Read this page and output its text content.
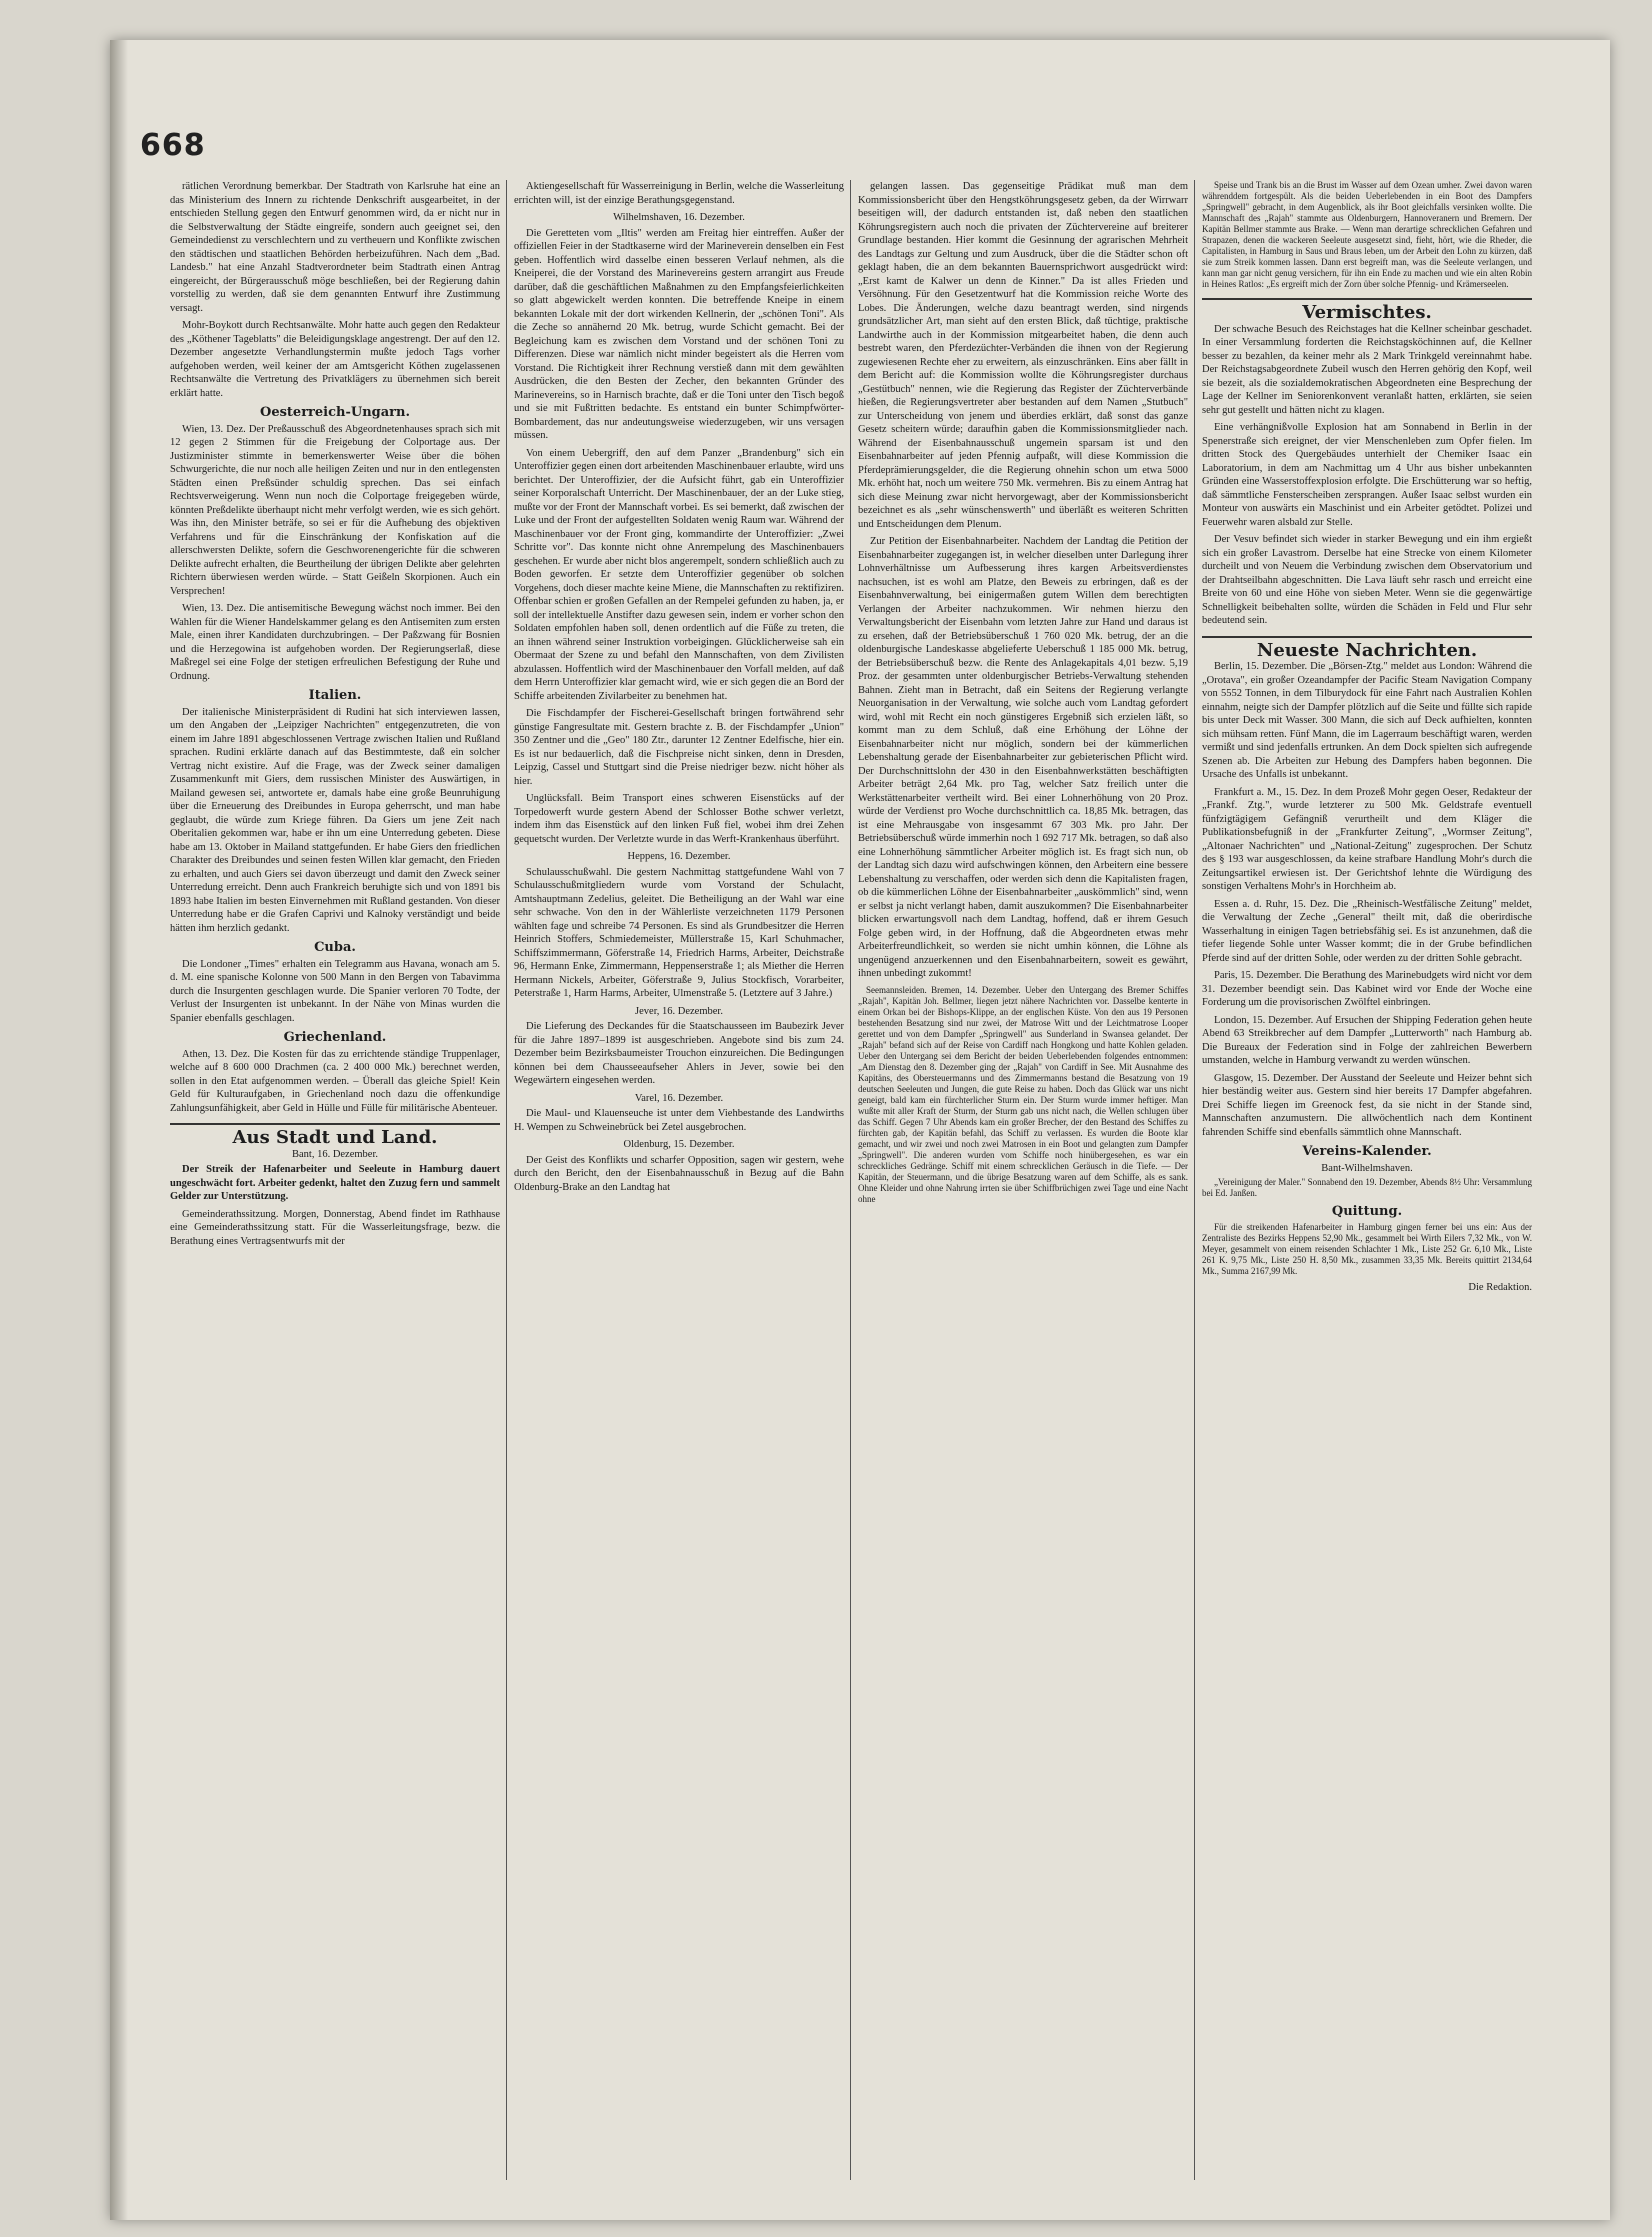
668

rätlichen Verordnung bemerkbar. Der Stadtrath von Karlsruhe hat eine an das Ministerium des Innern zu richtende Denkschrift ausgearbeitet, in der entschieden Stellung gegen den Entwurf genommen wird, da er nicht nur in die Selbstverwaltung der Städte eingreife, sondern auch geeignet sei, den Gemeindedienst zu verschlechtern und zu vertheuern und Konflikte zwischen den städtischen und staatlichen Behörden herbeizuführen. Nach dem „Bad. Landesb." hat eine Anzahl Stadtverordneter beim Stadtrath einen Antrag eingereicht, der Bürgerausschuß möge beschließen, bei der Regierung dahin vorstellig zu werden, daß sie dem genannten Entwurf ihre Zustimmung versagt.

Mohr-Boykott durch Rechtsanwälte. Mohr hatte auch gegen den Redakteur des „Köthener Tageblatts" die Beleidigungsklage angestrengt. Der auf den 12. Dezember angesetzte Verhandlungstermin mußte jedoch Tags vorher aufgehoben werden, weil keiner der am Amtsgericht Köthen zugelassenen Rechtsanwälte die Vertretung des Privatklägers zu übernehmen sich bereit erklärt hatte.

Oesterreich-Ungarn.

Wien, 13. Dez. Der Preßausschuß des Abgeordnetenhauses sprach sich mit 12 gegen 2 Stimmen für die Freigebung der Colportage aus. Der Justizminister stimmte in bemerkenswerter Weise über die böhen Schwurgerichte, die nur noch alle heiligen Zeiten und nur in den entlegensten Städten einen Preßsünder schuldig sprechen. Das sei einfach Rechtsverweigerung. Wenn nun noch die Colportage freigegeben würde, könnten Preßdelikte überhaupt nicht mehr verfolgt werden, wie es sich gehört. Was ihn, den Minister beträfe, so sei er für die Aufhebung des objektiven Verfahrens und für die Einschränkung der Konfiskation auf die allerschwersten Delikte, sofern die Geschworenengerichte für die schweren Delikte aufrecht erhalten, die Beurtheilung der übrigen Delikte aber gelehrten Richtern überwiesen werden würde. – Statt Geißeln Skorpionen. Auch ein Versprechen!

Wien, 13. Dez. Die antisemitische Bewegung wächst noch immer. Bei den Wahlen für die Wiener Handelskammer gelang es den Antisemiten zum ersten Male, einen ihrer Kandidaten durchzubringen. – Der Paßzwang für Bosnien und die Herzegowina ist aufgehoben worden. Der Regierungserlaß, diese Maßregel sei eine Folge der stetigen erfreulichen Befestigung der Ruhe und Ordnung.

Italien.

Der italienische Ministerpräsident di Rudini hat sich interviewen lassen, um den Angaben der „Leipziger Nachrichten" entgegenzutreten, die von einem im Jahre 1891 abgeschlossenen Vertrage zwischen Italien und Rußland sprachen. Rudini erklärte danach auf das Bestimmteste, daß ein solcher Vertrag nicht existire. Auf die Frage, was der Zweck seiner damaligen Zusammenkunft mit Giers, dem russischen Minister des Auswärtigen, in Mailand gewesen sei, antwortete er, damals habe eine große Beunruhigung über die Erneuerung des Dreibundes in Europa geherrscht, und man habe geglaubt, die würde zum Kriege führen. Da Giers um jene Zeit nach Oberitalien gekommen war, habe er ihn um eine Unterredung gebeten. Diese habe am 13. Oktober in Mailand stattgefunden. Er habe Giers den friedlichen Charakter des Dreibundes und seinen festen Willen klar gemacht, den Frieden zu erhalten, und auch Giers sei davon überzeugt und damit den Zweck seiner Unterredung erreicht. Denn auch Frankreich beruhigte sich und von 1891 bis 1893 habe Italien im besten Einvernehmen mit Rußland gestanden. Von dieser Unterredung habe er die Grafen Caprivi und Kalnoky verständigt und beide hätten ihm herzlich gedankt.

Cuba.

Die Londoner „Times" erhalten ein Telegramm aus Havana, wonach am 5. d. M. eine spanische Kolonne von 500 Mann in den Bergen von Tabavimma durch die Insurgenten geschlagen wurde. Die Spanier verloren 70 Todte, der Verlust der Insurgenten ist unbekannt. In der Nähe von Minas wurden die Spanier ebenfalls geschlagen.

Griechenland.

Athen, 13. Dez. Die Kosten für das zu errichtende ständige Truppenlager, welche auf 8 600 000 Drachmen (ca. 2 400 000 Mk.) berechnet werden, sollen in den Etat aufgenommen werden. – Überall das gleiche Spiel! Kein Geld für Kulturaufgaben, in Griechenland noch dazu die offenkundige Zahlungsunfähigkeit, aber Geld in Hülle und Fülle für militärische Abenteuer.

Aus Stadt und Land.
Bant, 16. Dezember.

Der Streik der Hafenarbeiter und Seeleute in Hamburg dauert ungeschwächt fort. Arbeiter gedenkt, haltet den Zuzug fern und sammelt Gelder zur Unterstützung.

Gemeinderathssitzung. Morgen, Donnerstag, Abend findet im Rathhause eine Gemeinderathssitzung statt. Für die Wasserleitungsfrage, bezw. die Berathung eines Vertragsentwurfs mit der

Aktiengesellschaft für Wasserreinigung in Berlin, welche die Wasserleitung errichten will, ist der einzige Berathungsgegenstand.

Wilhelmshaven, 16. Dezember.

Die Geretteten vom „Iltis" werden am Freitag hier eintreffen. Außer der offiziellen Feier in der Stadtkaserne wird der Marineverein denselben ein Fest geben. Hoffentlich wird dasselbe einen besseren Verlauf nehmen, als die Kneiperei, die der Vorstand des Marinevereins gestern arrangirt aus Freude darüber, daß die geschäftlichen Maßnahmen zu den Empfangsfeierlichkeiten so glatt abgewickelt werden konnten. Die betreffende Kneipe in einem bekannten Lokale mit der dort wirkenden Kellnerin, der „schönen Toni". Als die Zeche so annähernd 20 Mk. betrug, wurde Schicht gemacht. Bei der Begleichung kam es zwischen dem Vorstand und der schönen Toni zu Differenzen. Diese war nämlich nicht minder begeistert als die Herren vom Vorstand. Die Richtigkeit ihrer Rechnung verstieß dann mit dem gewählten Ausdrücken, die den Besten der Zecher, den bekannten Gründer des Marinevereins, so in Harnisch brachte, daß er die Toni unter den Tisch begoß und sie mit Fußtritten bedachte. Es entstand ein bunter Schimpfwörter-Bombardement, das nur andeutungsweise wiederzugeben, wir uns versagen müssen.

Von einem Uebergriff, den auf dem Panzer „Brandenburg" sich ein Unteroffizier gegen einen dort arbeitenden Maschinenbauer erlaubte, wird uns berichtet. Der Unteroffizier, der die Aufsicht führt, gab ein Unteroffizier seiner Korporalschaft Unterricht. Der Maschinenbauer, der an der Luke stieg, mußte vor der Front der Mannschaft vorbei. Es sei bemerkt, daß zwischen der Luke und der Front der aufgestellten Soldaten wenig Raum war. Während der Maschinenbauer vor der Front ging, kommandirte der Unteroffizier: „Zwei Schritte vor". Das konnte nicht ohne Anrempelung des Maschinenbauers geschehen. Er wurde aber nicht blos angerempelt, sondern schließlich auch zu Boden geworfen. Er setzte dem Unteroffizier gegenüber ob solchen Vorgehens, doch dieser machte keine Miene, die Mannschaften zu rektifiziren. Offenbar schien er großen Gefallen an der Rempelei gefunden zu haben, ja, er soll der intellektuelle Anstifter dazu gewesen sein, indem er vorher schon den Soldaten empfohlen haben soll, denen ordentlich auf die Füße zu treten, die an ihnen während seiner Instruktion vorbeigingen. Glücklicherweise sah ein Obermaat der Szene zu und befahl den Mannschaften, von dem Zivilisten abzulassen. Hoffentlich wird der Maschinenbauer den Vorfall melden, auf daß dem Herrn Unteroffizier klar gemacht wird, wie er sich gegen die an Bord der Schiffe arbeitenden Zivilarbeiter zu benehmen hat.

Die Fischdampfer der Fischerei-Gesellschaft bringen fortwährend sehr günstige Fangresultate mit. Gestern brachte z. B. der Fischdampfer „Union" 350 Zentner und die „Geo" 180 Ztr., darunter 12 Zentner Edelfische, hier ein. Es ist nur bedauerlich, daß die Fischpreise nicht sinken, denn in Dresden, Leipzig, Cassel und Stuttgart sind die Preise niedriger bezw. nicht höher als hier.

Unglücksfall. Beim Transport eines schweren Eisenstücks auf der Torpedowerft wurde gestern Abend der Schlosser Bothe schwer verletzt, indem ihm das Eisenstück auf den linken Fuß fiel, wobei ihm drei Zehen gequetscht wurden. Der Verletzte wurde in das Werft-Krankenhaus überführt.

Heppens, 16. Dezember.

Schulausschußwahl. Die gestern Nachmittag stattgefundene Wahl von 7 Schulausschußmitgliedern wurde vom Vorstand der Schulacht, Amtshauptmann Zedelius, geleitet. Die Betheiligung an der Wahl war eine sehr schwache. Von den in der Wählerliste verzeichneten 1179 Personen wählten fage und schreibe 74 Personen. Es sind als Grundbesitzer die Herren Heinrich Stoffers, Schmiedemeister, Müllerstraße 15, Karl Schuhmacher, Schiffszimmermann, Göferstraße 14, Friedrich Harms, Arbeiter, Deichstraße 96, Hermann Enke, Zimmermann, Heppenserstraße 1; als Miether die Herren Hermann Nickels, Arbeiter, Göferstraße 9, Julius Stockfisch, Vorarbeiter, Peterstraße 1, Harm Harms, Arbeiter, Ulmenstraße 5. (Letztere auf 3 Jahre.)

Jever, 16. Dezember.

Die Lieferung des Deckandes für die Staatschausseen im Baubezirk Jever für die Jahre 1897–1899 ist ausgeschrieben. Angebote sind bis zum 24. Dezember beim Bezirksbaumeister Trouchon einzureichen. Die Bedingungen können bei dem Chausseeaufseher Ahlers in Jever, sowie bei den Wegewärtern eingesehen werden.

Varel, 16. Dezember.

Die Maul- und Klauenseuche ist unter dem Viehbestande des Landwirths H. Wempen zu Schweinebrück bei Zetel ausgebrochen.

Oldenburg, 15. Dezember.

Der Geist des Konflikts und scharfer Opposition, sagen wir gestern, wehe durch den Bericht, den der Eisenbahnausschuß in Bezug auf die Bahn Oldenburg-Brake an den Landtag hat

gelangen lassen. Das gegenseitige Prädikat muß man dem Kommissionsbericht über den Hengstköhrungsgesetz geben, da der Wirrwarr beseitigen will, der dadurch entstanden ist, daß neben den staatlichen Köhrungsregistern auch noch die privaten der Züchtervereine auf breiterer Grundlage bestanden. Hier kommt die Gesinnung der agrarischen Mehrheit des Landtags zur Geltung und zum Ausdruck, über die die Städter schon oft geklagt haben, die an dem bekannten Bauernsprichwort ausgedrückt wird: „Erst kamt de Kalwer un denn de Kinner." Da ist alles Frieden und Versöhnung. Für den Gesetzentwurf hat die Kommission reiche Worte des Lobes. Die Änderungen, welche dazu beantragt werden, sind nirgends grundsätzlicher Art, man sieht auf den ersten Blick, daß tüchtige, praktische Landwirthe auch in der Kommission mitgearbeitet haben, die denn auch bestrebt waren, den Pferdezüchter-Verbänden die ihnen von der Regierung zugewiesenen Rechte eher zu erweitern, als einzuschränken. Eins aber fällt in dem Bericht auf: die Kommission wollte die Köhrungsregister durchaus „Gestütbuch" nennen, wie die Regierung das Register der Züchterverbände hießen, die Regierungsvertreter aber bestanden auf dem Namen „Stutbuch" zur Unterscheidung von jenem und überdies erklärt, daß sonst das ganze Gesetz scheitern würde; daraufhin gaben die Kommissionsmitglieder nach. Während der Eisenbahnausschuß ungemein sparsam ist und den Eisenbahnarbeiter auf jeden Pfennig aufpaßt, will diese Kommission die Pferdeprämierungsgelder, die die Regierung ohnehin schon um etwa 5000 Mk. erhöht hat, noch um weitere 750 Mk. vermehren. Bis zu einem Antrag hat sich diese Meinung zwar nicht hervorgewagt, aber der Kommissionsbericht bezeichnet es als „sehr wünschenswerth" und überläßt es weiteren Schritten und Entscheidungen dem Plenum.

Zur Petition der Eisenbahnarbeiter. Nachdem der Landtag die Petition der Eisenbahnarbeiter zugegangen ist, in welcher dieselben unter Darlegung ihrer Lohnverhältnisse um Aufbesserung ihres kargen Arbeitsverdienstes nachsuchen, ist es wohl am Platze, den Beweis zu erbringen, daß es der Eisenbahnverwaltung, bei einigermaßen gutem Willen dem berechtigten Verlangen der Arbeiter nachzukommen. Wir nehmen hierzu den Verwaltungsbericht der Eisenbahn vom letzten Jahre zur Hand und daraus ist zu ersehen, daß der Betriebsüberschuß 1 760 020 Mk. betrug, der an die oldenburgische Landeskasse abgelieferte Ueberschuß 1 185 000 Mk. betrug, der Betriebsüberschuß bezw. die Rente des Anlagekapitals 4,01 bezw. 5,19 Proz. der gesammten unter oldenburgischer Betriebs-Verwaltung stehenden Bahnen. Zieht man in Betracht, daß ein Seitens der Regierung verlangte Neuorganisation in der Verwaltung, wie solche auch vom Landtag gefordert wird, wohl mit Recht ein noch günstigeres Ergebniß sich erzielen läßt, so kommt man zu dem Schluß, daß eine Erhöhung der Löhne der Eisenbahnarbeiter nicht nur möglich, sondern bei der kümmerlichen Lebenshaltung gerade der Eisenbahnarbeiter zur gebieterischen Pflicht wird. Der Durchschnittslohn der 430 in den Eisenbahnwerkstätten beschäftigten Arbeiter beträgt 2,64 Mk. pro Tag, welcher Satz freilich unter die Werkstättenarbeiter vertheilt wird. Bei einer Lohnerhöhung von 20 Proz. würde der Verdienst pro Woche durchschnittlich ca. 18,85 Mk. betragen, das ist eine Mehrausgabe von insgesammt 67 303 Mk. pro Jahr. Der Betriebsüberschuß würde immerhin noch 1 692 717 Mk. betragen, so daß also eine Lohnerhöhung sämmtlicher Arbeiter möglich ist. Es fragt sich nun, ob der Landtag sich dazu wird aufschwingen können, den Arbeitern eine bessere Lebenshaltung zu verschaffen, oder werden sich denn die Kapitalisten fragen, ob die kümmerlichen Löhne der Eisenbahnarbeiter „auskömmlich" sind, wenn er selbst ja nicht verlangt haben, damit auszukommen? Die Eisenbahnarbeiter blicken erwartungsvoll nach dem Landtag, hoffend, daß er ihrem Gesuch Folge geben wird, in der Hoffnung, daß die Abgeordneten etwas mehr Arbeiterfreundlichkeit, so werden sie nicht umhin können, die Löhne als ungenügend anzuerkennen und den Eisenbahnarbeitern, soweit es gewährt, ihnen unbedingt zukommt!

Seemannsleiden. Bremen, 14. Dezember. Ueber den Untergang des Bremer Schiffes „Rajah", Kapitän Joh. Bellmer, liegen jetzt nähere Nachrichten vor. Dasselbe kenterte in einem Orkan bei der Bishops-Klippe, an der englischen Küste. Von den aus 19 Personen bestehenden Besatzung sind nur zwei, der Matrose Witt und der Leichtmatrose Looper gerettet und von dem Dampfer „Springwell" aus Sunderland in Swansea gelandet. Der „Rajah" befand sich auf der Reise von Cardiff nach Hongkong und hatte Kohlen geladen. Ueber den Untergang sei dem Bericht der beiden Ueberlebenden folgendes entnommen: „Am Dienstag den 8. Dezember ging der „Rajah" von Cardiff in See. Mit Ausnahme des Kapitäns, des Obersteuermanns und des Zimmermanns bestand die Besatzung von 19 deutschen Seeleuten und Jungen, die gute Reise zu haben. Doch das Glück war uns nicht geneigt, bald kam ein fürchterlicher Sturm ein. Der Sturm wurde immer heftiger. Man wußte mit aller Kraft der Sturm, der Sturm gab uns nicht nach, die Wellen schlugen über das Schiff. Gegen 7 Uhr Abends kam ein großer Brecher, der den Bestand des Schiffes zu fürchten gab, der Kapitän befahl, das Schiff zu verlassen. Es wurden die Boote klar gemacht, und wir zwei und noch zwei Matrosen in ein Boot und gelangten zum Dampfer „Springwell". Die anderen wurden vom Schiffe noch hinübergesehen, es war ein schreckliches Gedränge. Schiff mit einem schrecklichen Geräusch in die Tiefe. — Der Kapitän, der Steuermann, und die übrige Besatzung waren auf dem Schiffe, als es sank. Ohne Kleider und ohne Nahrung irrten sie über Schiffbrüchigen zwei Tage und eine Nacht ohne

Speise und Trank bis an die Brust im Wasser auf dem Ozean umher. Zwei davon waren währenddem fortgespült. Als die beiden Ueberlebenden in ein Boot des Dampfers „Springwell" gebracht, in dem Augenblick, als ihr Boot gleichfalls versinken wollte. Die Mannschaft des „Rajah" stammte aus Oldenburgern, Hannoveranern und Bremern. Der Kapitän Bellmer stammte aus Brake. — Wenn man derartige schrecklichen Gefahren und Strapazen, denen die wackeren Seeleute ausgesetzt sind, fieht, hört, wie die Rheder, die Capitalisten, in Hamburg in Saus und Braus leben, um der Arbeit den Lohn zu kürzen, daß sie zum Streik kommen lassen. Dann erst begreift man, was die Seeleute verlangen, und kann man gar nicht genug versichern, für ihn ein Ende zu machen und wie ein alten Robin in Heines Ratlos: „Es ergreift mich der Zorn über solche Pfennig- und Krämerseelen.

Vermischtes.

Der schwache Besuch des Reichstages hat die Kellner scheinbar geschadet. In einer Versammlung forderten die Reichstagsköchinnen auf, die Kellner besser zu bezahlen, da keiner mehr als 2 Mark Trinkgeld vereinnahmt habe. Der Reichstagsabgeordnete Zubeil wusch den Herren gehörig den Kopf, weil sie bezeit, als die sozialdemokratischen Abgeordneten eine Besprechung der Lage der Kellner im Seniorenkonvent veranlaßt hatten, erklärten, sie seien sehr gut gestellt und hätten nicht zu klagen.

Eine verhängnißvolle Explosion hat am Sonnabend in Berlin in der Spenerstraße sich ereignet, der vier Menschenleben zum Opfer fielen. Im dritten Stock des Quergebäudes unterhielt der Chemiker Isaac ein Laboratorium, in dem am Nachmittag um 4 Uhr aus bisher unbekannten Gründen eine Wasserstoffexplosion erfolgte. Die Erschütterung war so heftig, daß sämmtliche Fensterscheiben zersprangen. Außer Isaac selbst wurden ein Monteur von auswärts ein Maschinist und ein Arbeiter getödtet. Polizei und Feuerwehr waren alsbald zur Stelle.

Der Vesuv befindet sich wieder in starker Bewegung und ein ihm ergießt sich ein großer Lavastrom. Derselbe hat eine Strecke von einem Kilometer durcheilt und von Neuem die Verbindung zwischen dem Observatorium und der Drahtseilbahn abgeschnitten. Die Lava läuft sehr rasch und erreicht eine Breite von 60 und eine Höhe von sieben Meter. Wenn sie die gegenwärtige Schnelligkeit beibehalten sollte, würden die Schäden in Feld und Flur sehr bedeutend sein.

Neueste Nachrichten.

Berlin, 15. Dezember. Die „Börsen-Ztg." meldet aus London: Während die „Orotava", ein großer Ozeandampfer der Pacific Steam Navigation Company von 5552 Tonnen, in dem Tilburydock für eine Fahrt nach Australien Kohlen einnahm, neigte sich der Dampfer plötzlich auf die Seite und füllte sich rapide bis unter Deck mit Wasser. 300 Mann, die sich auf Deck aufhielten, konnten sich mühsam retten. Fünf Mann, die im Lagerraum beschäftigt waren, werden vermißt und sind jedenfalls ertrunken. An dem Dock spielten sich aufregende Szenen ab. Die Arbeiten zur Hebung des Dampfers haben begonnen. Die Ursache des Unfalls ist unbekannt.

Frankfurt a. M., 15. Dez. In dem Prozeß Mohr gegen Oeser, Redakteur der „Frankf. Ztg.", wurde letzterer zu 500 Mk. Geldstrafe eventuell fünfzigtägigem Gefängniß verurtheilt und dem Kläger die Publikationsbefugniß in der „Frankfurter Zeitung", „Wormser Zeitung", „Altonaer Nachrichten" und „National-Zeitung" zugesprochen. Der Schutz des § 193 war ausgeschlossen, da keine strafbare Handlung Mohr's durch die Zeitungsartikel erwiesen ist. Der Gerichtshof lehnte die Würdigung des sonstigen Verhaltens Mohr's in Horchheim ab.

Essen a. d. Ruhr, 15. Dez. Die „Rheinisch-Westfälische Zeitung" meldet, die Verwaltung der Zeche „General" theilt mit, daß die oberirdische Wasserhaltung in einigen Tagen betriebsfähig sei. Es ist anzunehmen, daß die tiefer liegende Sohle unter Wasser kommt; die in der Grube befindlichen Pferde sind auf der dritten Sohle, oder werden zu der dritten Sohle gebracht.

Paris, 15. Dezember. Die Berathung des Marinebudgets wird nicht vor dem 31. Dezember beendigt sein. Das Kabinet wird vor Ende der Woche eine Forderung um die provisorischen Zwölftel einbringen.

London, 15. Dezember. Auf Ersuchen der Shipping Federation gehen heute Abend 63 Streikbrecher auf dem Dampfer „Lutterworth" nach Hamburg ab. Die Bureaux der Federation sind in Folge der zahlreichen Bewerbern umstanden, welche in Hamburg verwandt zu werden wünschen.

Glasgow, 15. Dezember. Der Ausstand der Seeleute und Heizer behnt sich hier beständig weiter aus. Gestern sind hier bereits 17 Dampfer abgefahren. Drei Schiffe liegen im Greenock fest, da sie nicht in der Stande sind, Mannschaften anzumustern. Die allwöchentlich nach dem Kontinent fahrenden Schiffe sind ebenfalls sämmtlich ohne Mannschaft.

Vereins-Kalender.
Bant-Wilhelmshaven.

„Vereinigung der Maler." Sonnabend den 19. Dezember, Abends 8½ Uhr: Versammlung bei Ed. Janßen.

Quittung.

Für die streikenden Hafenarbeiter in Hamburg gingen ferner bei uns ein: Aus der Zentraliste des Bezirks Heppens 52,90 Mk., gesammelt bei Wirth Eilers 7,32 Mk., von W. Meyer, gesammelt von einem reisenden Schlachter 1 Mk., Liste 252 Gr. 6,10 Mk., Liste 261 K. 9,75 Mk., Liste 250 H. 8,50 Mk., zusammen 33,35 Mk. Bereits quittirt 2134,64 Mk., Summa 2167,99 Mk.

Die Redaktion.
